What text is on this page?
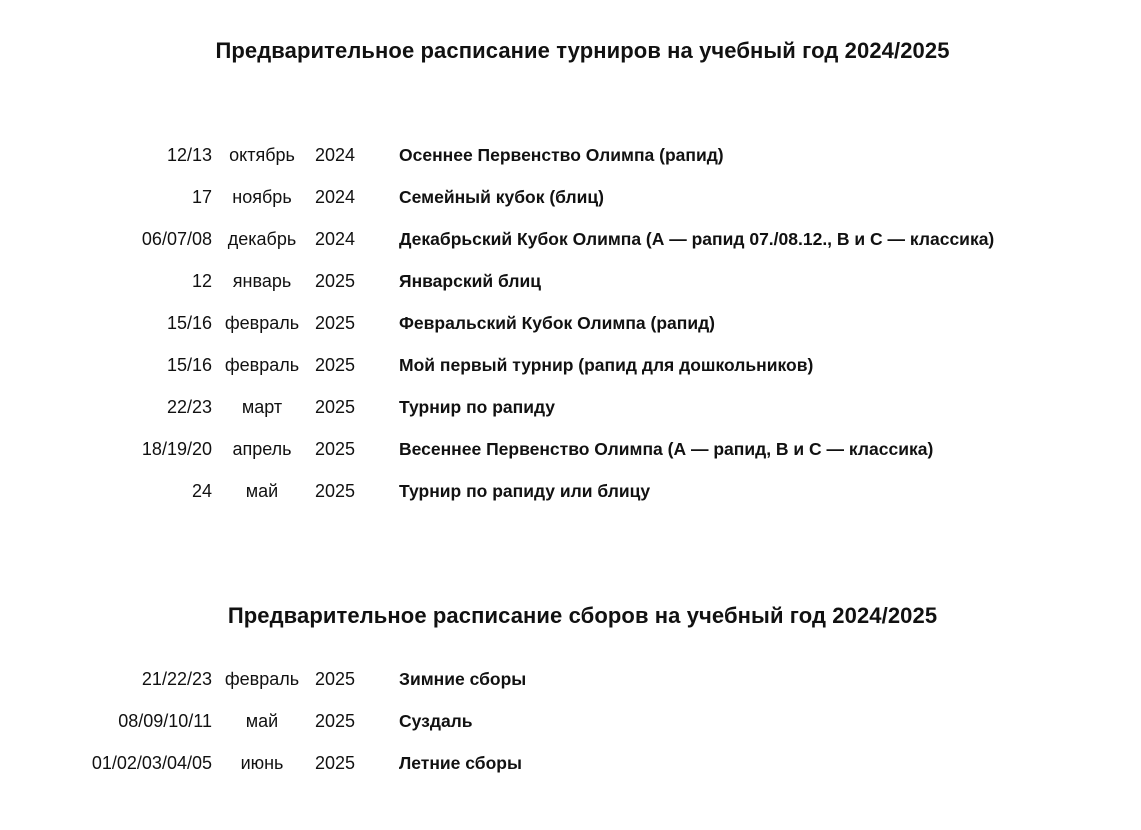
Предварительное расписание турниров на учебный год 2024/2025
12/13 октябрь	2024	Осеннее Первенство Олимпа (рапид)
17	ноябрь	2024	Семейный кубок (блиц)
06/07/08 декабрь	2024	Декабрьский Кубок Олимпа (А — рапид 07./08.12., В и С — классика)
12	январь	2025	Январский блиц
15/16 февраль 2025	Февральский Кубок Олимпа (рапид)
15/16 февраль 2025	Мой первый турнир (рапид для дошкольников)
22/23	март	2025	Турнир по рапиду
18/19/20	апрель	2025	Весеннее Первенство Олимпа (А — рапид, В и С — классика)
24	май	2025	Турнир по рапиду или блицу
Предварительное расписание сборов на учебный год 2024/2025
21/22/23 февраль 2025	Зимние сборы
08/09/10/11	май	2025	Суздаль
01/02/03/04/05	июнь	2025	Летние сборы
